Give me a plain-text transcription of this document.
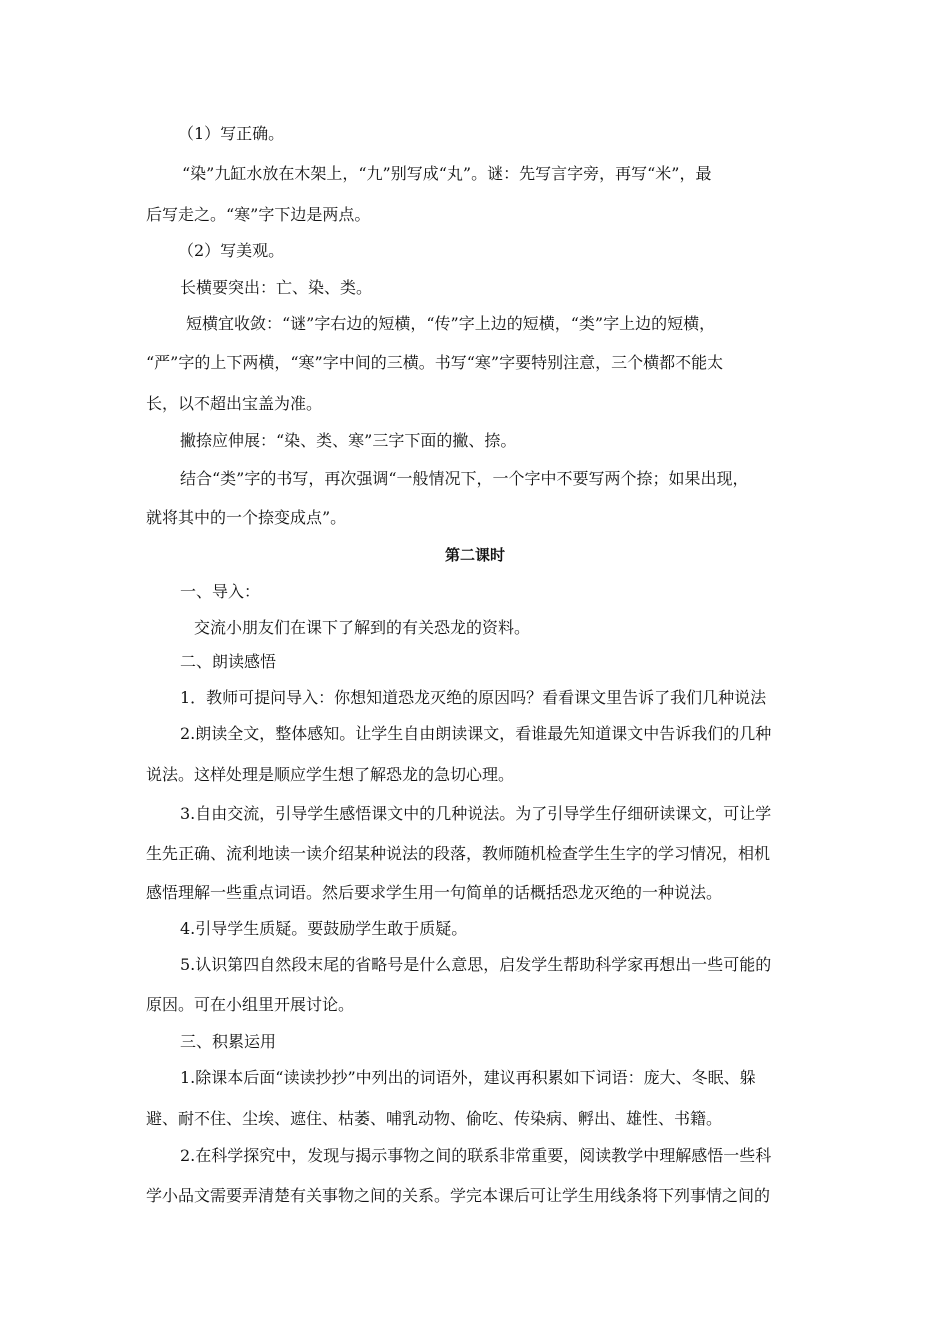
（1）写正确。
“染”九缸水放在木架上，“九”别写成“丸”。谜：先写言字旁，再写“米”，最
后写走之。“寒”字下边是两点。
（2）写美观。
长横要突出：亡、染、类。
短横宜收敛：“谜”字右边的短横，“传”字上边的短横，“类”字上边的短横，
“严”字的上下两横，“寒”字中间的三横。书写“寒”字要特别注意，三个横都不能太
长，以不超出宝盖为准。
撇捺应伸展：“染、类、寒”三字下面的撇、捺。
结合“类”字的书写，再次强调“一般情况下，一个字中不要写两个捺；如果出现，
就将其中的一个捺变成点”。
第二课时
一、导入：
交流小朋友们在课下了解到的有关恐龙的资料。
二、朗读感悟
1．教师可提问导入：你想知道恐龙灭绝的原因吗？看看课文里告诉了我们几种说法
2.朗读全文，整体感知。让学生自由朗读课文，看谁最先知道课文中告诉我们的几种
说法。这样处理是顺应学生想了解恐龙的急切心理。
3.自由交流，引导学生感悟课文中的几种说法。为了引导学生仔细研读课文，可让学
生先正确、流利地读一读介绍某种说法的段落，教师随机检查学生生字的学习情况，相机
感悟理解一些重点词语。然后要求学生用一句简单的话概括恐龙灭绝的一种说法。
4.引导学生质疑。要鼓励学生敢于质疑。
5.认识第四自然段末尾的省略号是什么意思，启发学生帮助科学家再想出一些可能的
原因。可在小组里开展讨论。
三、积累运用
1.除课本后面“读读抄抄”中列出的词语外，建议再积累如下词语：庞大、冬眠、躲
避、耐不住、尘埃、遮住、枯萎、哺乳动物、偷吃、传染病、孵出、雄性、书籍。
2.在科学探究中，发现与揭示事物之间的联系非常重要，阅读教学中理解感悟一些科
学小品文需要弄清楚有关事物之间的关系。学完本课后可让学生用线条将下列事情之间的
